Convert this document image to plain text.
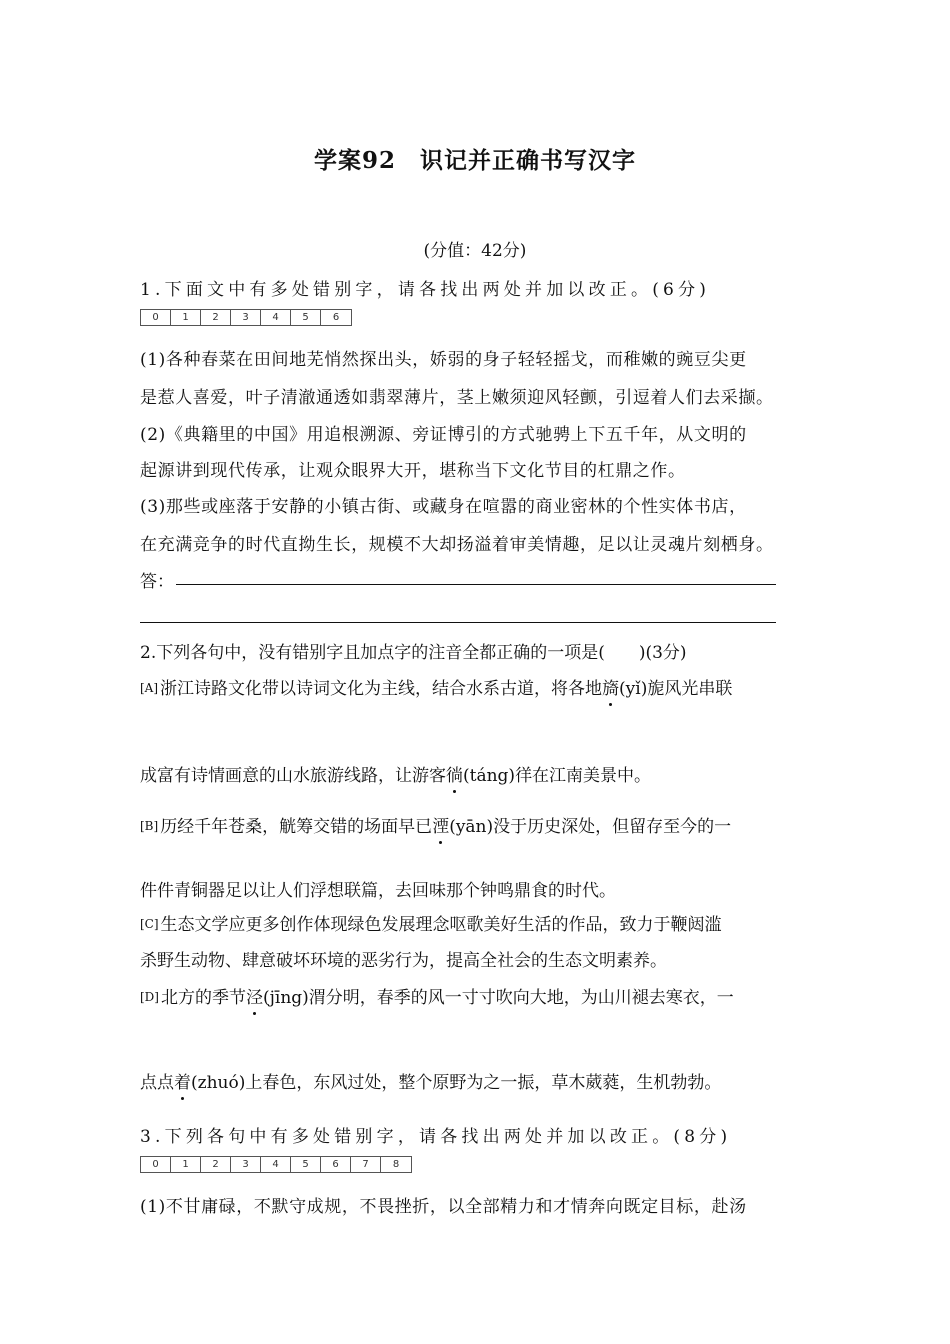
学案92　识记并正确书写汉字
(分值：42分)
1.下面文中有多处错别字，请各找出两处并加以改正。(6分)
0	1	2	3	4	5	6
(1)各种春菜在田间地芜悄然探出头，娇弱的身子轻轻摇戈，而稚嫩的豌豆尖更
是惹人喜爱，叶子清澈通透如翡翠薄片，茎上嫩须迎风轻颤，引逗着人们去采撷。
(2)《典籍里的中国》用追根溯源、旁证博引的方式驰骋上下五千年，从文明的
起源讲到现代传承，让观众眼界大开，堪称当下文化节目的杠鼎之作。
(3)那些或座落于安静的小镇古街、或藏身在喧嚣的商业密林的个性实体书店，
在充满竞争的时代直拗生长，规模不大却扬溢着审美情趣，足以让灵魂片刻栖身。
答：
2.下列各句中，没有错别字且加点字的注音全都正确的一项是(　　)(3分)
[A] 浙江诗路文化带以诗词文化为主线，结合水系古道，将各地旖(yǐ)旎风光串联
成富有诗情画意的山水旅游线路，让游客徜(táng)徉在江南美景中。
[B] 历经千年苍桑，觥筹交错的场面早已湮(yān)没于历史深处，但留存至今的一
件件青铜器足以让人们浮想联篇，去回味那个钟鸣鼎食的时代。
[C] 生态文学应更多创作体现绿色发展理念呕歌美好生活的作品，致力于鞭闼滥
杀野生动物、肆意破坏环境的恶劣行为，提高全社会的生态文明素养。
[D] 北方的季节泾(jīng)渭分明，春季的风一寸寸吹向大地，为山川褪去寒衣，一
点点着(zhuó)上春色，东风过处，整个原野为之一振，草木葳蕤，生机勃勃。
3.下列各句中有多处错别字，请各找出两处并加以改正。(8分)
0	1	2	3	4	5	6	7	8
(1)不甘庸碌，不默守成规，不畏挫折，以全部精力和才情奔向既定目标，赴汤
